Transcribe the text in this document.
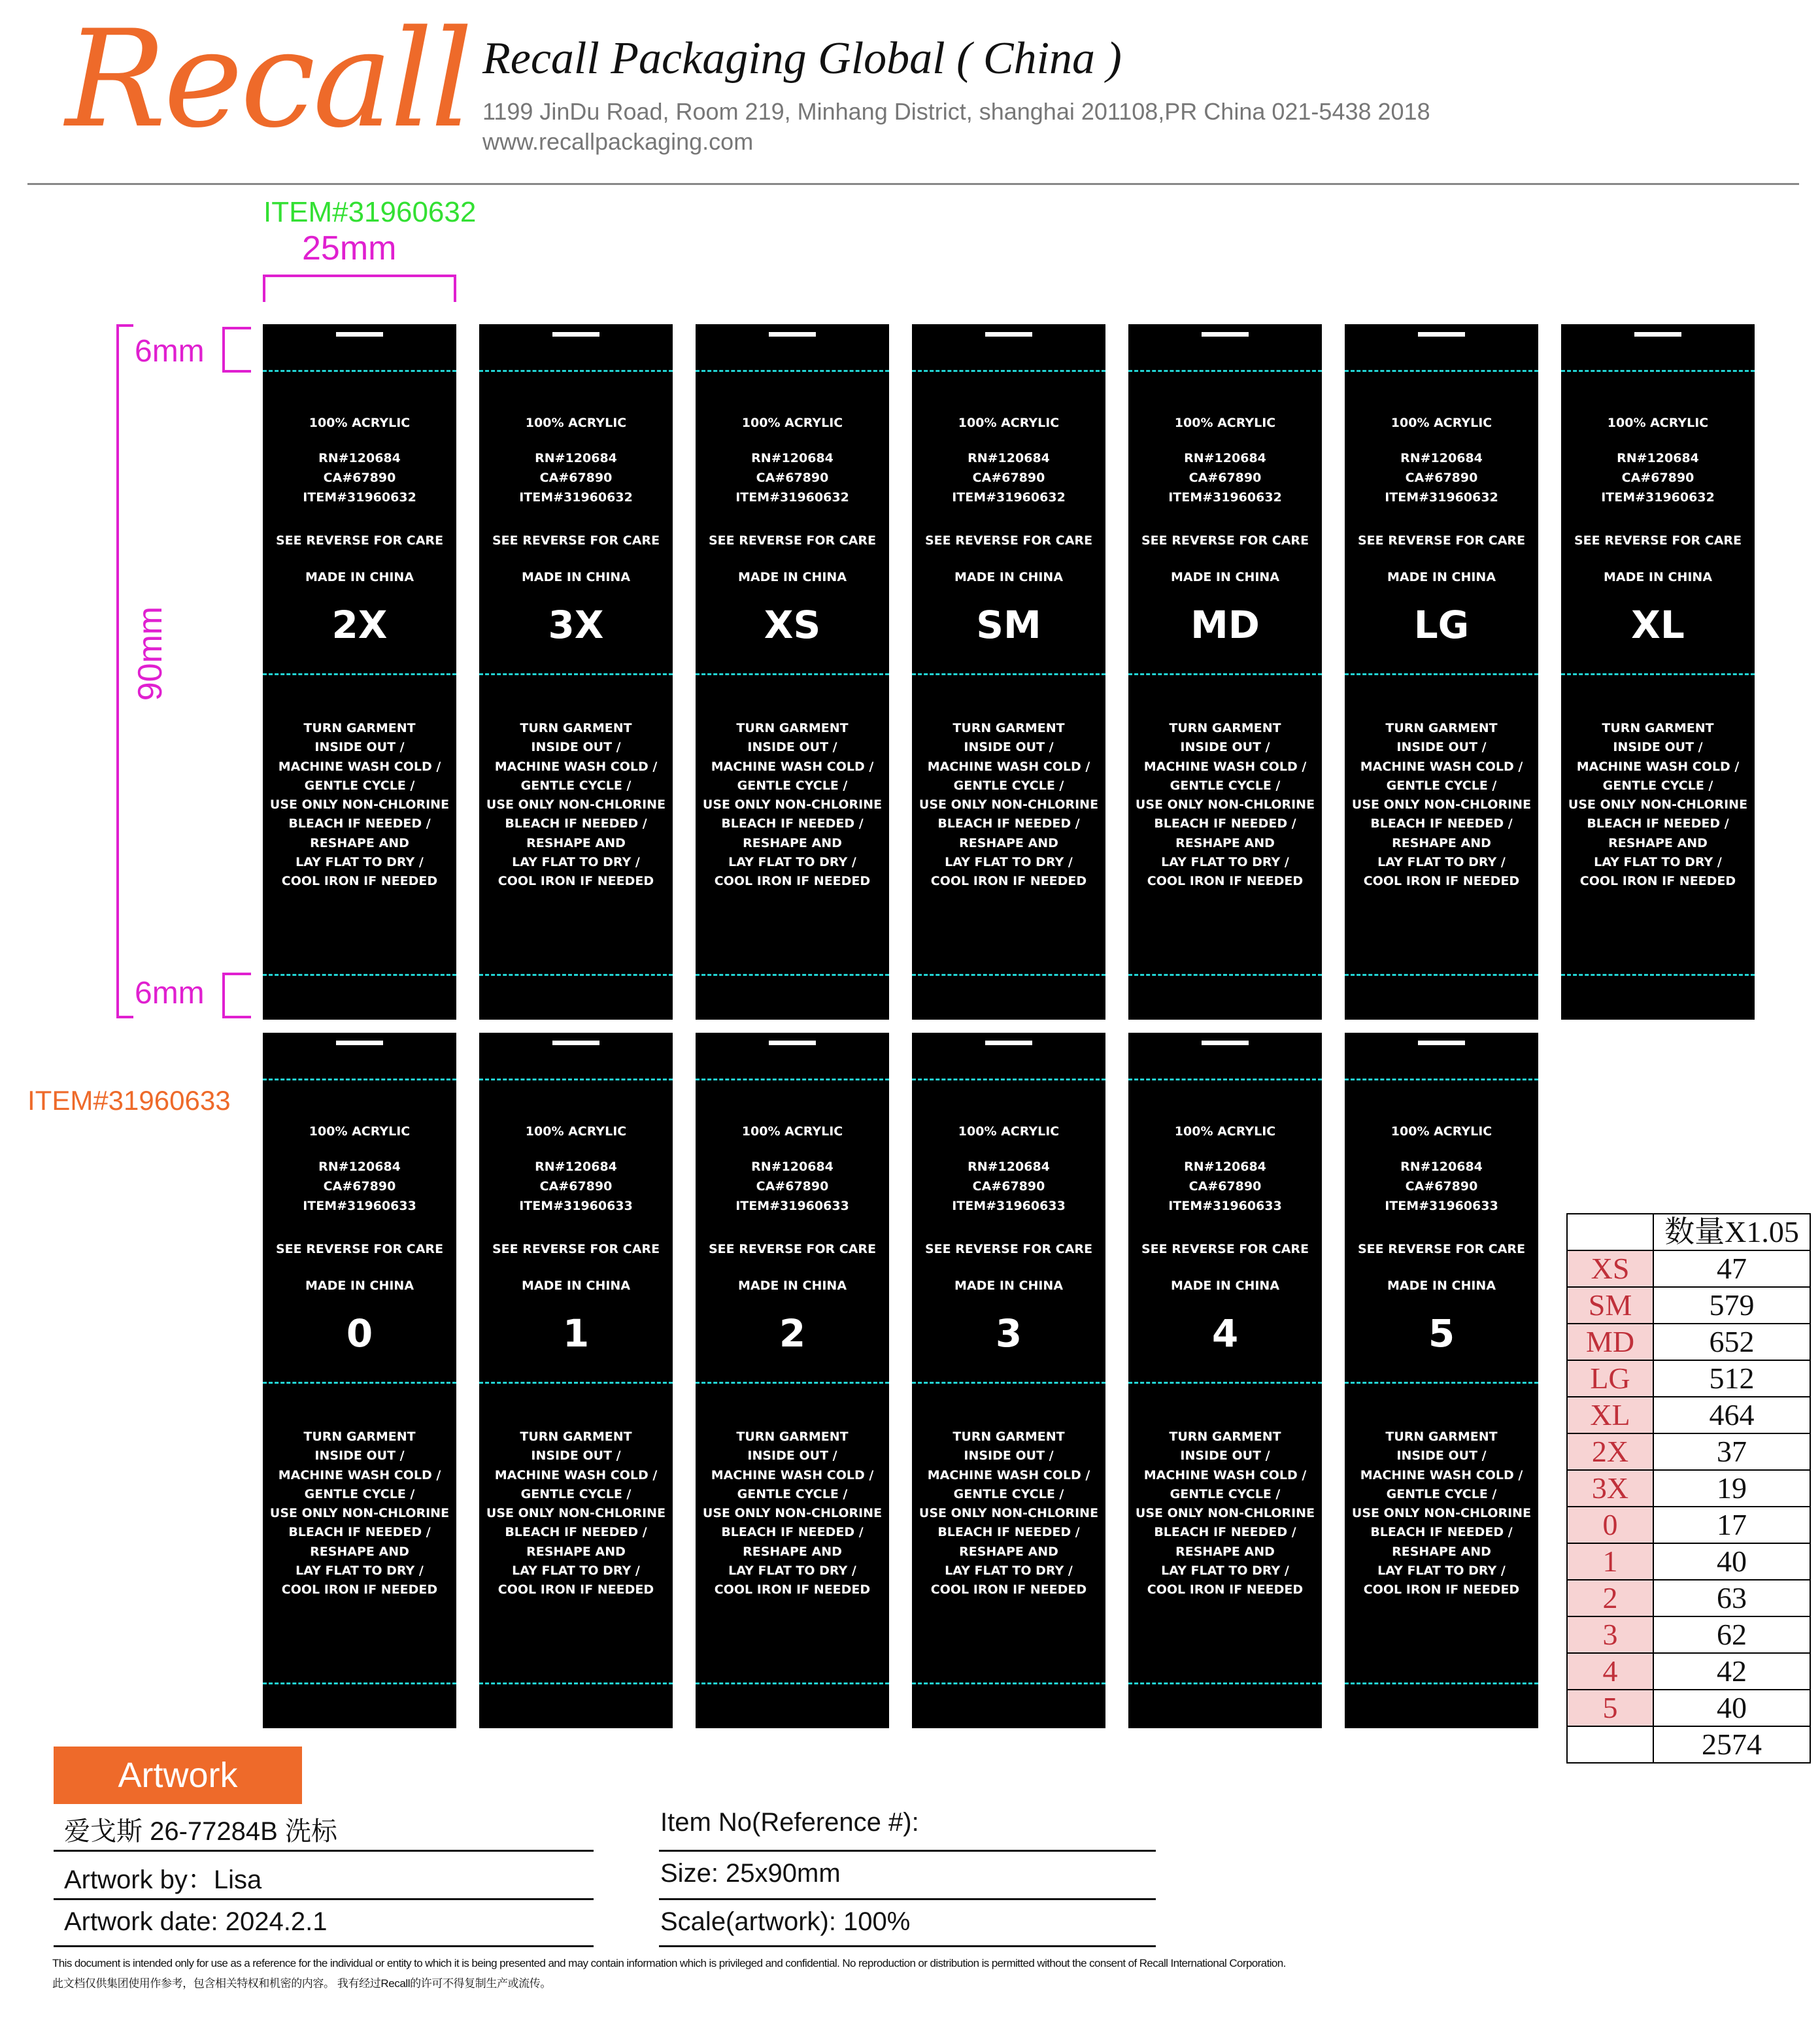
Recall Recall Packaging Global ( China )
1199 JinDu Road, Room 219, Minhang District, shanghai 201108,PR China 021-5438 2018
www.recallpackaging.com
ITEM#31960632
25mm
90mm
6mm
6mm
ITEM#31960633
100% ACRYLIC
RN#120684
CA#67890
ITEM#31960632
SEE REVERSE FOR CARE
MADE IN CHINA
2X
TURN GARMENT
INSIDE OUT /
MACHINE WASH COLD /
GENTLE CYCLE /
USE ONLY NON-CHLORINE
BLEACH IF NEEDED /
RESHAPE AND
LAY FLAT TO DRY /
COOL IRON IF NEEDED
100% ACRYLIC
RN#120684
CA#67890
ITEM#31960632
SEE REVERSE FOR CARE
MADE IN CHINA
3X
TURN GARMENT
INSIDE OUT /
MACHINE WASH COLD /
GENTLE CYCLE /
USE ONLY NON-CHLORINE
BLEACH IF NEEDED /
RESHAPE AND
LAY FLAT TO DRY /
COOL IRON IF NEEDED
100% ACRYLIC
RN#120684
CA#67890
ITEM#31960632
SEE REVERSE FOR CARE
MADE IN CHINA
XS
TURN GARMENT
INSIDE OUT /
MACHINE WASH COLD /
GENTLE CYCLE /
USE ONLY NON-CHLORINE
BLEACH IF NEEDED /
RESHAPE AND
LAY FLAT TO DRY /
COOL IRON IF NEEDED
100% ACRYLIC
RN#120684
CA#67890
ITEM#31960632
SEE REVERSE FOR CARE
MADE IN CHINA
SM
TURN GARMENT
INSIDE OUT /
MACHINE WASH COLD /
GENTLE CYCLE /
USE ONLY NON-CHLORINE
BLEACH IF NEEDED /
RESHAPE AND
LAY FLAT TO DRY /
COOL IRON IF NEEDED
100% ACRYLIC
RN#120684
CA#67890
ITEM#31960632
SEE REVERSE FOR CARE
MADE IN CHINA
MD
TURN GARMENT
INSIDE OUT /
MACHINE WASH COLD /
GENTLE CYCLE /
USE ONLY NON-CHLORINE
BLEACH IF NEEDED /
RESHAPE AND
LAY FLAT TO DRY /
COOL IRON IF NEEDED
100% ACRYLIC
RN#120684
CA#67890
ITEM#31960632
SEE REVERSE FOR CARE
MADE IN CHINA
LG
TURN GARMENT
INSIDE OUT /
MACHINE WASH COLD /
GENTLE CYCLE /
USE ONLY NON-CHLORINE
BLEACH IF NEEDED /
RESHAPE AND
LAY FLAT TO DRY /
COOL IRON IF NEEDED
100% ACRYLIC
RN#120684
CA#67890
ITEM#31960632
SEE REVERSE FOR CARE
MADE IN CHINA
XL
TURN GARMENT
INSIDE OUT /
MACHINE WASH COLD /
GENTLE CYCLE /
USE ONLY NON-CHLORINE
BLEACH IF NEEDED /
RESHAPE AND
LAY FLAT TO DRY /
COOL IRON IF NEEDED
100% ACRYLIC
RN#120684
CA#67890
ITEM#31960633
SEE REVERSE FOR CARE
MADE IN CHINA
0
TURN GARMENT
INSIDE OUT /
MACHINE WASH COLD /
GENTLE CYCLE /
USE ONLY NON-CHLORINE
BLEACH IF NEEDED /
RESHAPE AND
LAY FLAT TO DRY /
COOL IRON IF NEEDED
100% ACRYLIC
RN#120684
CA#67890
ITEM#31960633
SEE REVERSE FOR CARE
MADE IN CHINA
1
TURN GARMENT
INSIDE OUT /
MACHINE WASH COLD /
GENTLE CYCLE /
USE ONLY NON-CHLORINE
BLEACH IF NEEDED /
RESHAPE AND
LAY FLAT TO DRY /
COOL IRON IF NEEDED
100% ACRYLIC
RN#120684
CA#67890
ITEM#31960633
SEE REVERSE FOR CARE
MADE IN CHINA
2
TURN GARMENT
INSIDE OUT /
MACHINE WASH COLD /
GENTLE CYCLE /
USE ONLY NON-CHLORINE
BLEACH IF NEEDED /
RESHAPE AND
LAY FLAT TO DRY /
COOL IRON IF NEEDED
100% ACRYLIC
RN#120684
CA#67890
ITEM#31960633
SEE REVERSE FOR CARE
MADE IN CHINA
3
TURN GARMENT
INSIDE OUT /
MACHINE WASH COLD /
GENTLE CYCLE /
USE ONLY NON-CHLORINE
BLEACH IF NEEDED /
RESHAPE AND
LAY FLAT TO DRY /
COOL IRON IF NEEDED
100% ACRYLIC
RN#120684
CA#67890
ITEM#31960633
SEE REVERSE FOR CARE
MADE IN CHINA
4
TURN GARMENT
INSIDE OUT /
MACHINE WASH COLD /
GENTLE CYCLE /
USE ONLY NON-CHLORINE
BLEACH IF NEEDED /
RESHAPE AND
LAY FLAT TO DRY /
COOL IRON IF NEEDED
100% ACRYLIC
RN#120684
CA#67890
ITEM#31960633
SEE REVERSE FOR CARE
MADE IN CHINA
5
TURN GARMENT
INSIDE OUT /
MACHINE WASH COLD /
GENTLE CYCLE /
USE ONLY NON-CHLORINE
BLEACH IF NEEDED /
RESHAPE AND
LAY FLAT TO DRY /
COOL IRON IF NEEDED
	数量X1.05
XS	47
SM	579
MD	652
LG	512
XL	464
2X	37
3X	19
0	17
1	40
2	63
3	62
4	42
5	40
	2574
Artwork
爱戈斯 26-77284B 洗标
Artwork by：Lisa
Artwork date: 2024.2.1
Item No(Reference #):
Size: 25x90mm
Scale(artwork): 100%
This document is intended only for use as a reference for the individual or entity to which it is being presented and may contain information which is privileged and confidential. No reproduction or distribution is permitted without the consent of Recall International Corporation.
此文档仅供集团使用作参考，包含相关特权和机密的内容。 我有经过Recall的许可不得复制生产或流传。
